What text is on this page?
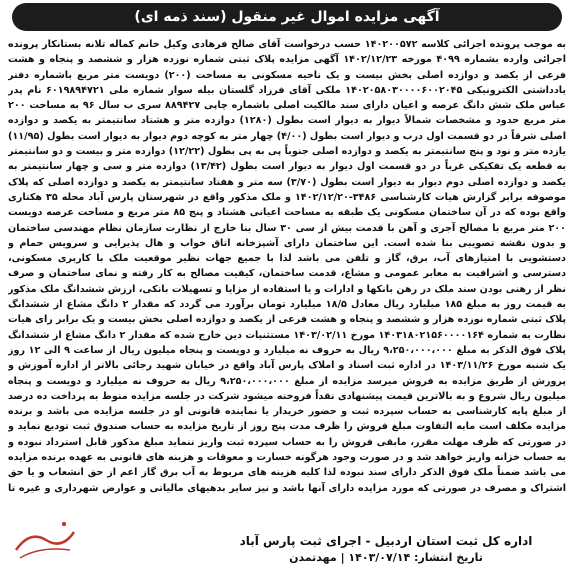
آگهی مزایده اموال غیر منقول (سند ذمه ای)
به موجب پرونده اجرائی کلاسه ۱۴۰۲۰۰۵۷۲ حسب درخواست آقای صالح فرهادی وکیل خانم کماله تلانه بستانکار پرونده اجرائی وارده بشماره ۴۰۹۹ مورخه ۱۴۰۲/۱۲/۲۳ آگهی مزایده پلاک ثبتی شماره نوزده هزار و ششصد و پنجاه و هشت فرعی از یکصد و دوازده اصلی بخش بیست و یک ناحیه مسکونی به مساحت (۲۰۰) دویست متر مربع باشماره دفتر یادداشتی الکترونیکی ۱۴۰۲۰۵۸۰۳۰۰۰۰۶۰۰۲۰۴۵ ملکی آقای فرزاد گلستان بیله سوار شماره ملی ۶۰۱۹۸۹۴۷۲۱ نام پدر عباس ملک شش دانگ عرصه و اعیان دارای سند مالکیت اصلی باشماره چاپی ۸۸۹۴۲۷ سری ب سال ۹۶ به مساحت ۲۰۰ متر مربع حدود و مشخصات شمالاً دیوار به دیوار است بطول (۱۲۸۰) دوازده متر و هشتاد سانتیمتر به یکصد و دوازده اصلی شرقاً در دو قسمت اول درب و دیوار است بطول (۴/۰۰) چهار متر به کوچه دوم دیوار به دیوار است بطول (۱۱/۹۵) یازده متر و نود و پنج سانتیمتر به یکصد و دوازده اصلی جنوباً پی به پی بطول (۱۲/۲۲) دوازده متر و بیست و دو سانتیمتر به قطعه یک تفکیکی غرباً در دو قسمت اول دیوار به دیوار است بطول (۱۳/۴۲) دوازده متر و سی و چهار سانتیمتر به یکصد و دوازده اصلی دوم دیوار به دیوار است بطول (۳/۷۰) سه متر و هفتاد سانتیمتر به یکصد و دوازده اصلی که پلاک موصوفه برابر گزارش هیات کارشناسی ۳۴۸۶-۱۴۰۲/۱۲/۲۰ و ملک مذکور واقع در شهرستان پارس آباد محله ۳۵ هکتاری واقع بوده که در آن ساختمان مسکونی یک طبقه به مساحت اعیانی هشتاد و پنج ۸۵ متر مربع و مساحت عرصه دویست ۲۰۰ متر مربع با مصالح آجری و آهن با قدمت بیش از سی ۳۰ سال بنا خارج از نظارت سازمان نظام مهندسی ساختمان و بدون نقشه تصویبی بنا شده است. این ساختمان دارای آشپزخانه اتاق خواب و هال پذیرایی و سرویس حمام و دستشویی با امتیازهای آب، برق، گاز و تلفن می باشد لذا با جمیع جهات نظیر موقعیت ملک با کاربری مسکونی، دسترسی و اشرافیت به معابر عمومی و مشاع، قدمت ساختمان، کیفیت مصالح به کار رفته و نمای ساختمان و صرف نظر از رهنی بودن سند ملک در رهن بانکها و ادارات و یا استفاده از مزایا و تسهیلات بانکی، ارزش ششدانگ ملک مذکور به قیمت روز به مبلغ ۱۸۵ میلیارد ریال معادل ۱۸/۵ میلیارد تومان برآورد می گردد که مقدار ۲ دانگ مشاع از ششدانگ پلاک ثبتی شماره نوزده هزار و ششصد و پنجاه و هشت فرعی از یکصد و دوازده اصلی بخش بیست و یک برابر رای هیات نظارت به شماره ۱۴۰۳۱۸۰۲۱۵۶۰۰۰۰۱۶۴ مورخ ۱۴۰۳/۰۲/۱۱ مستثنیات دین خارج شده که مقدار ۲ دانگ مشاع از ششدانگ پلاک فوق الذکر به مبلغ ۹،۲۵۰،۰۰۰،۰۰۰ ریال به حروف نه میلیارد و دویست و پنجاه میلیون ریال از ساعت ۹ الی ۱۲ روز یک شنبه مورخ ۱۴۰۳/۱۱/۲۶ در اداره ثبت اسناد و املاک پارس آباد واقع در خیابان شهید رجائی بالاتر از اداره آموزش و پرورش از طریق مزایده به فروش میرسد مزایده از مبلغ ۹،۲۵۰،۰۰۰،۰۰۰ ریال به حروف نه میلیارد و دویست و پنجاه میلیون ریال شروع و به بالاترین قیمت پیشنهادی نقداً فروخته میشود شرکت در جلسه مزایده منوط به پرداخت ده درصد از مبلغ پایه کارشناسی به حساب سپرده ثبت و حضور خریدار یا نماینده قانونی او در جلسه مزایده می باشد و برنده مزایده مکلف است مابه التفاوت مبلغ فروش را ظرف مدت پنج روز از تاریخ مزایده به حساب صندوق ثبت تودیع نماید و در صورتی که ظرف مهلت مقرر، مابقی فروش را به حساب سپرده ثبت واریز ننماید مبلغ مذکور قابل استرداد نبوده و به حساب خزانه واریز خواهد شد و در صورت وجود هرگونه خسارت و معوقات و هزینه های قانونی به عهده برنده مزایده می باشد ضمناً ملک فوق الذکر دارای سند نبوده لذا کلیه هزینه های مربوط به آب برق گاز اعم از حق انشعاب و یا حق اشتراک و مصرف در صورتی که مورد مزایده دارای آنها باشد و نیز سایر بدهیهای مالیاتی و عوارض شهرداری و غیره تا
اداره کل ثبت استان اردبیل - اجرای ثبت پارس آباد
تاریخ انتشار: ۱۴۰۳/۰۷/۱۴ | مهدتمدن
